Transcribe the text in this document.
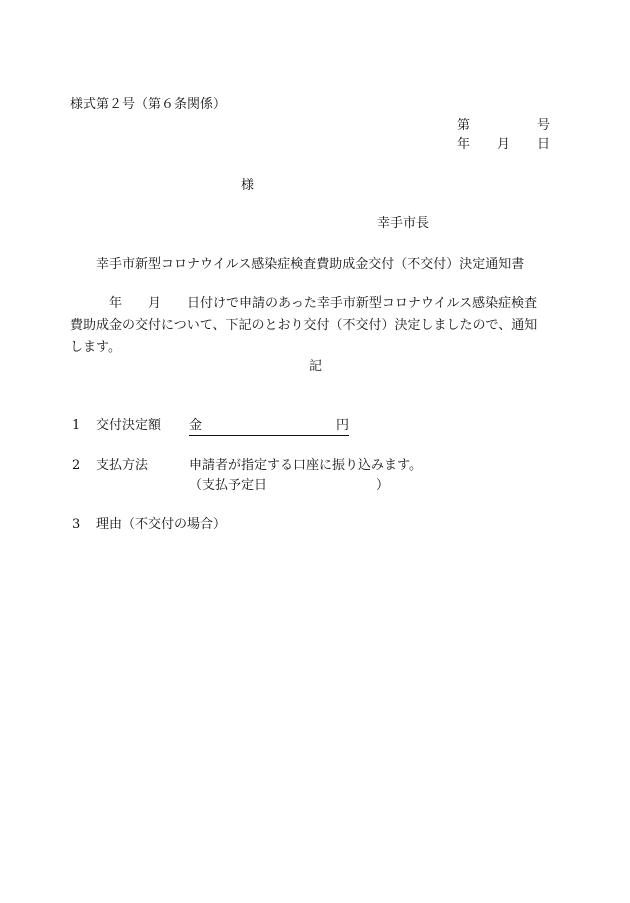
様式第２号（第６条関係）
第	号
年 月 日
様
幸手市長
幸手市新型コロナウイルス感染症検査費助成金交付（不交付）決定通知書
　　　年　　月　　日付けで申請のあった幸手市新型コロナウイルス感染症検査
費助成金の交付について、下記のとおり交付（不交付）決定しましたので、通知
します。
記
1 交付決定額 金	円
2 支払方法	申請者が指定する口座に振り込みます。
（支払予定日	）
3 理由（不交付の場合）
